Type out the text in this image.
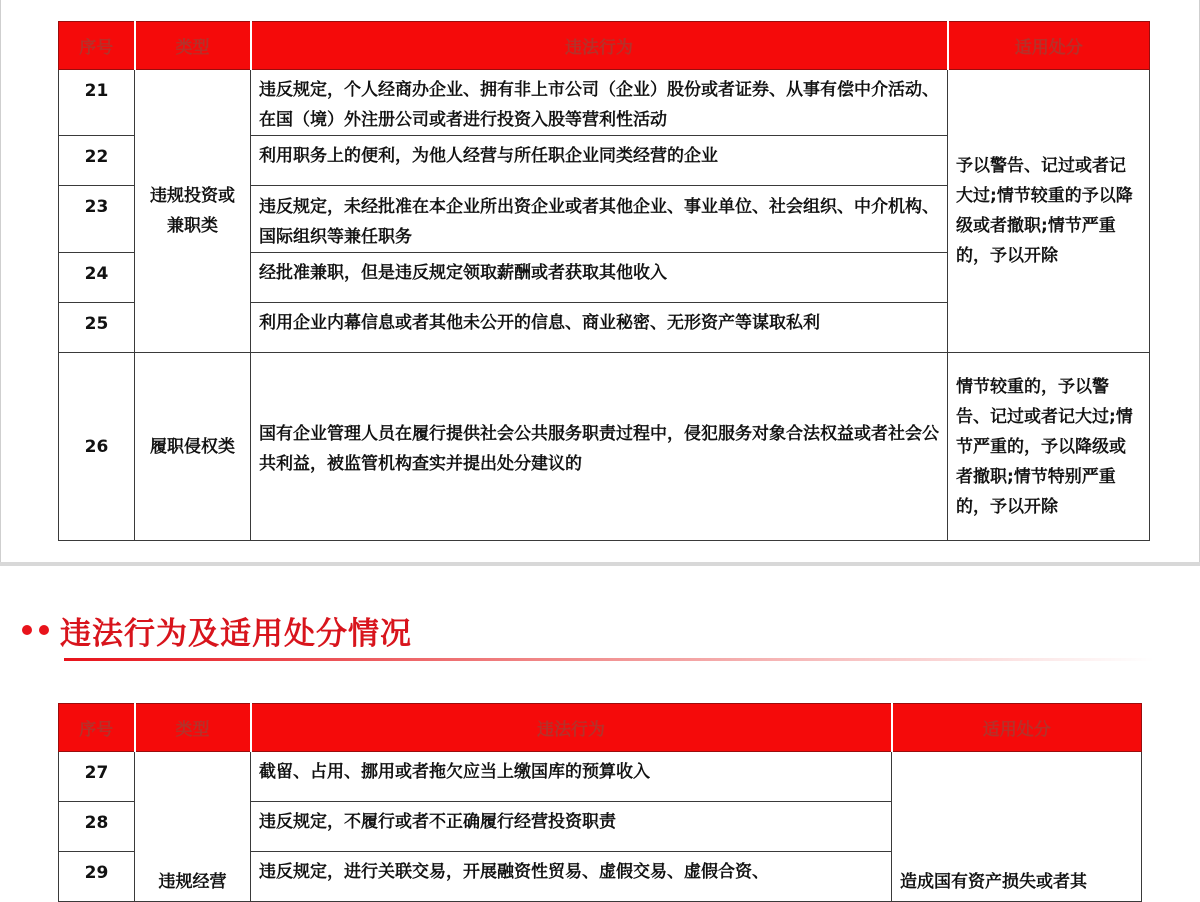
序号	类型	违法行为	适用处分
21	违规投资或兼职类	违反规定，个人经商办企业、拥有非上市公司（企业）股份或者证券、从事有偿中介活动、在国（境）外注册公司或者进行投资入股等营利性活动	予以警告、记过或者记大过;情节较重的予以降级或者撤职;情节严重的，予以开除
22		利用职务上的便利，为他人经营与所任职企业同类经营的企业	
23		违反规定，未经批准在本企业所出资企业或者其他企业、事业单位、社会组织、中介机构、国际组织等兼任职务	
24		经批准兼职，但是违反规定领取薪酬或者获取其他收入	
25		利用企业内幕信息或者其他未公开的信息、商业秘密、无形资产等谋取私利	
26	履职侵权类	国有企业管理人员在履行提供社会公共服务职责过程中，侵犯服务对象合法权益或者社会公共利益，被监管机构查实并提出处分建议的	情节较重的，予以警告、记过或者记大过;情节严重的，予以降级或者撤职;情节特别严重的，予以开除
违法行为及适用处分情况
序号	类型	违法行为	适用处分
27	违规经营	截留、占用、挪用或者拖欠应当上缴国库的预算收入	造成国有资产损失或者其
28		违反规定，不履行或者不正确履行经营投资职责	
29		违反规定，进行关联交易，开展融资性贸易、虚假交易、虚假合资、	
